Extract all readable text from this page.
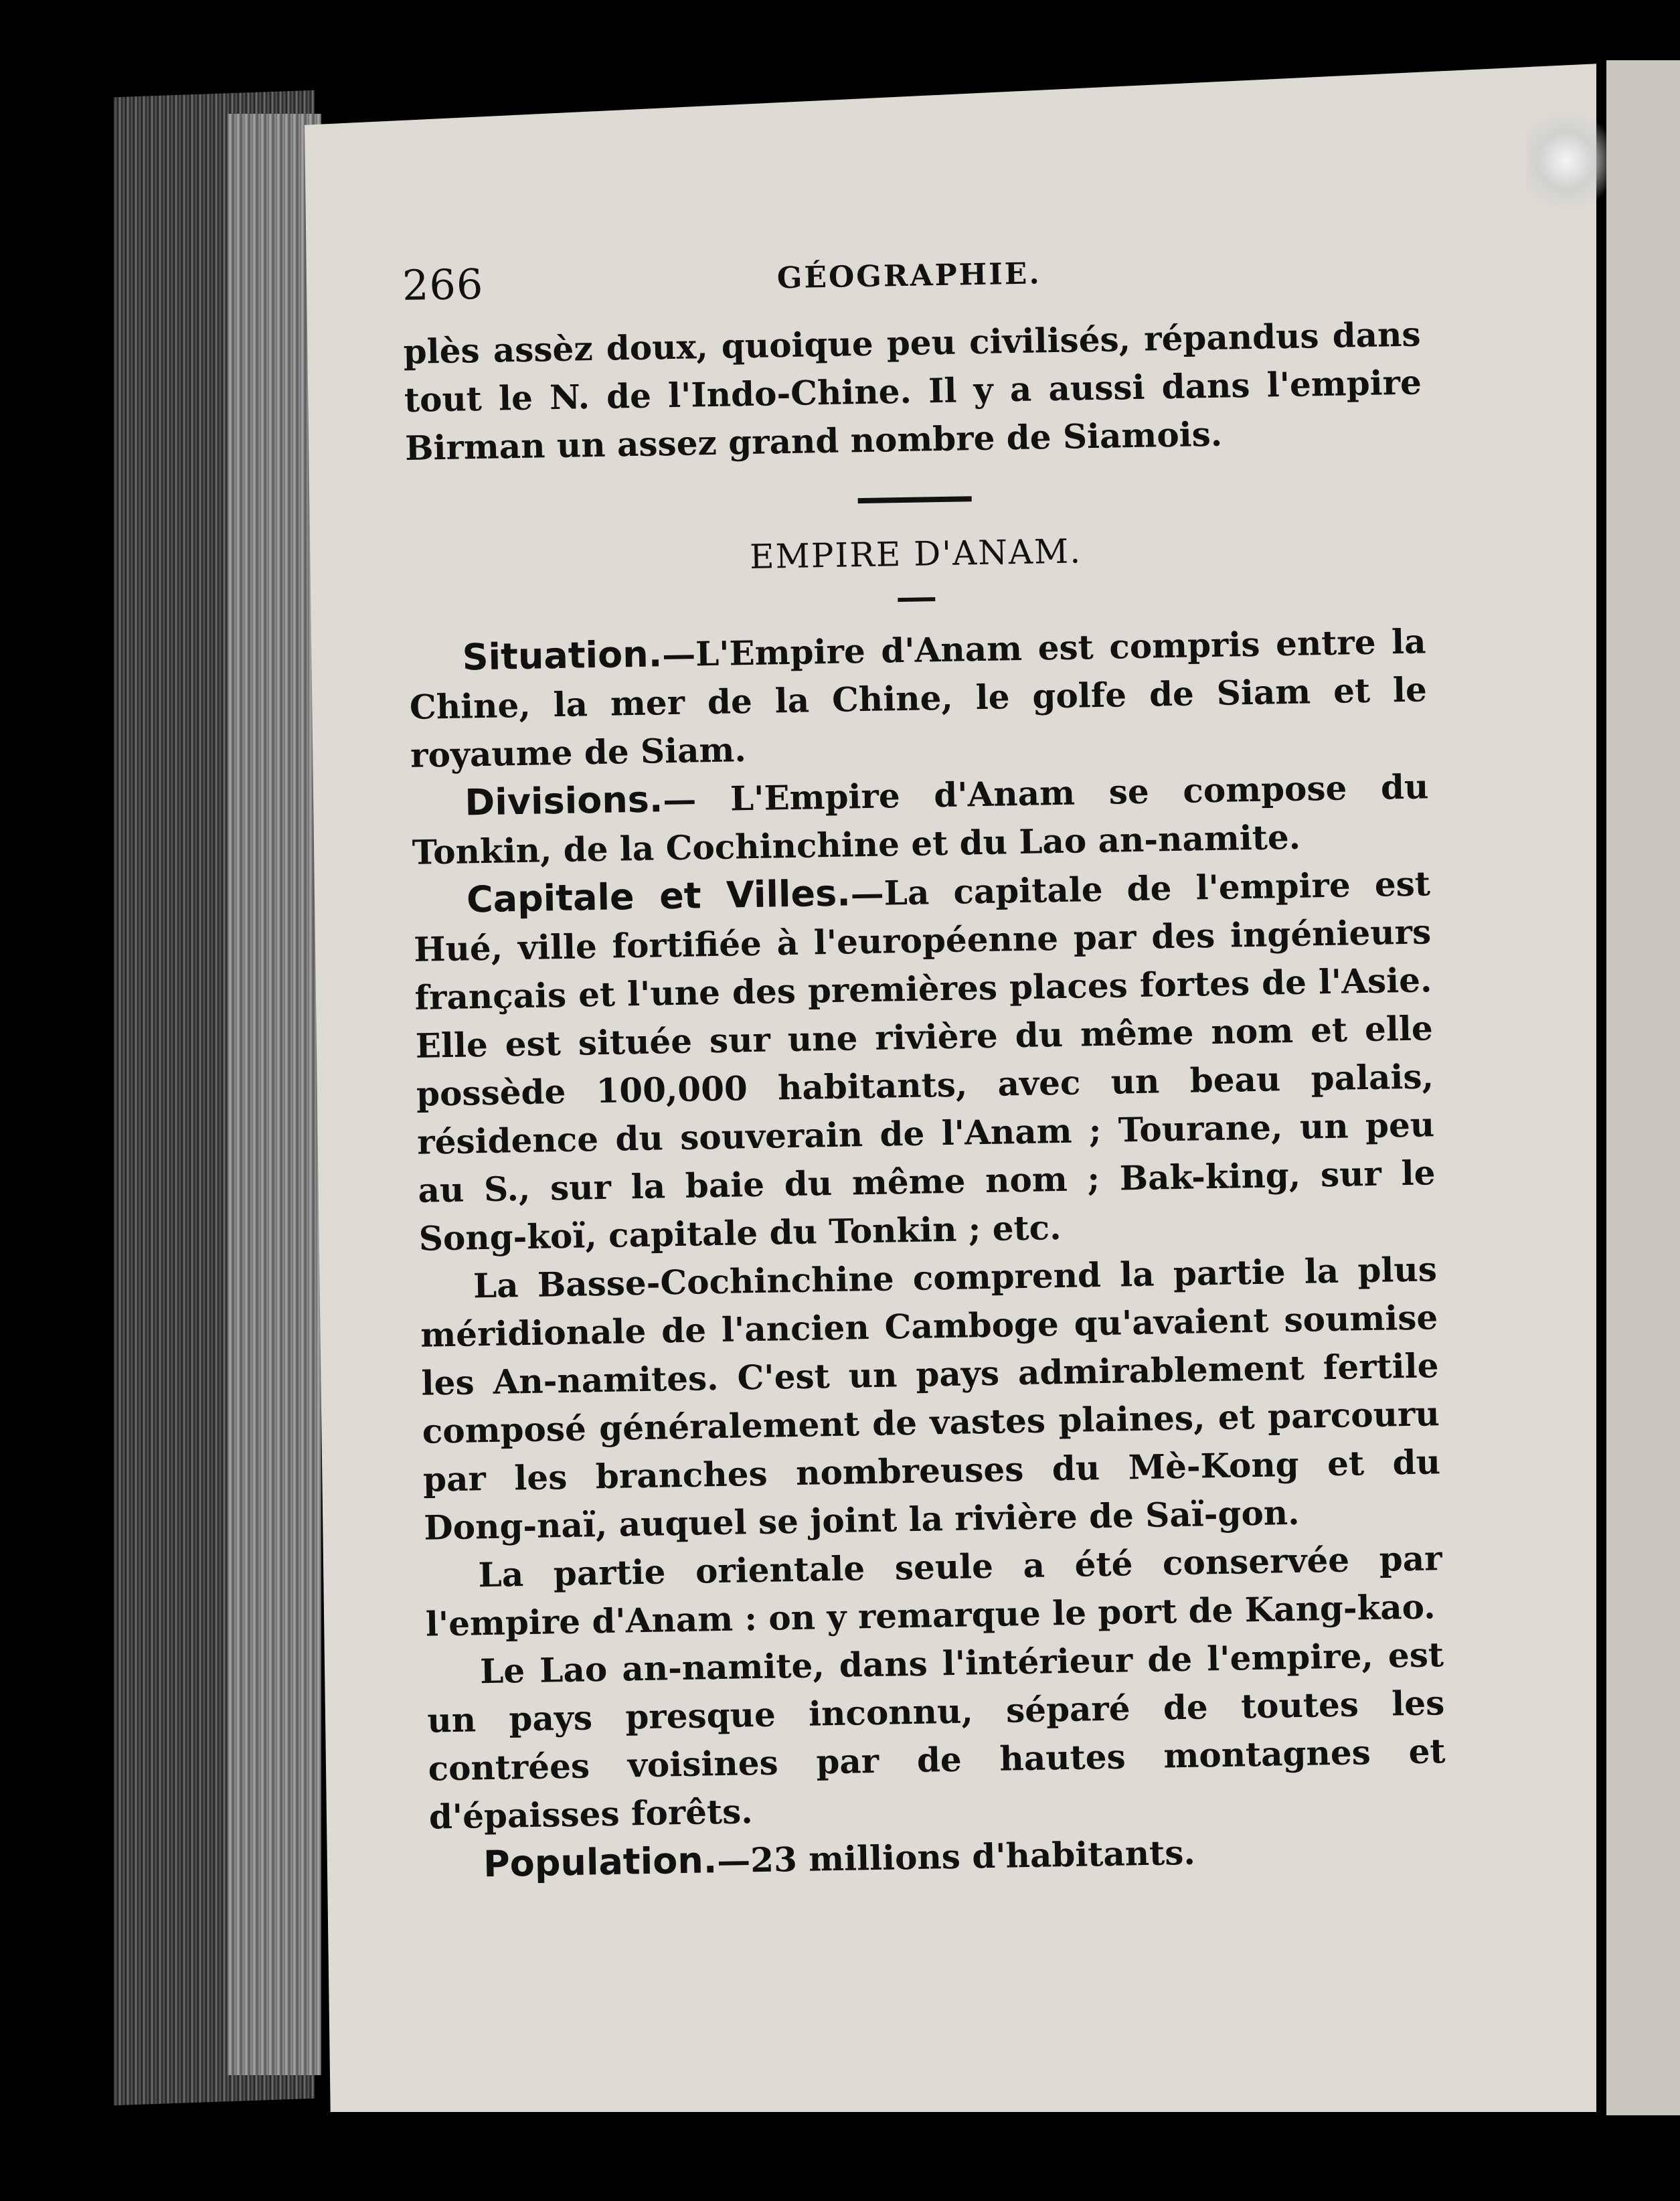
266	GÉOGRAPHIE.

plès assèz doux, quoique peu civilisés, répandus dans tout le N. de l'Indo-Chine. Il y a aussi dans l'empire Birman un assez grand nombre de Siamois.

EMPIRE D'ANAM.

Situation.—L'Empire d'Anam est compris entre la Chine, la mer de la Chine, le golfe de Siam et le royaume de Siam.

Divisions.— L'Empire d'Anam se compose du Tonkin, de la Cochinchine et du Lao an-namite.

Capitale et Villes.—La capitale de l'empire est Hué, ville fortifiée à l'européenne par des ingénieurs français et l'une des premières places fortes de l'Asie. Elle est située sur une rivière du même nom et elle possède 100,000 habitants, avec un beau palais, résidence du souverain de l'Anam ; Tourane, un peu au S., sur la baie du même nom ; Bak-king, sur le Song-koï, capitale du Tonkin ; etc.

La Basse-Cochinchine comprend la partie la plus méridionale de l'ancien Camboge qu'avaient soumise les An-namites. C'est un pays admirablement fertile composé généralement de vastes plaines, et parcouru par les branches nombreuses du Mè-Kong et du Dong-naï, auquel se joint la rivière de Saï-gon.

La partie orientale seule a été conservée par l'empire d'Anam : on y remarque le port de Kang-kao.

Le Lao an-namite, dans l'intérieur de l'empire, est un pays presque inconnu, séparé de toutes les contrées voisines par de hautes montagnes et d'épaisses forêts.

Population.—23 millions d'habitants.
